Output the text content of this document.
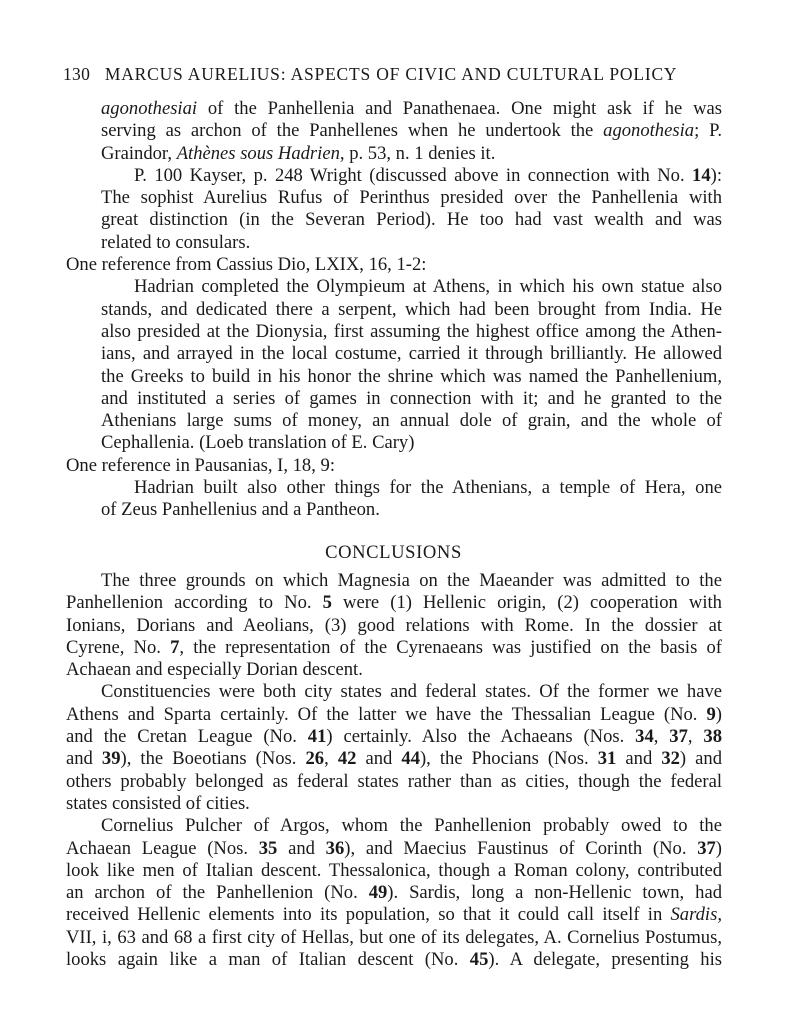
130 MARCUS AURELIUS: ASPECTS OF CIVIC AND CULTURAL POLICY
agonothesiai of the Panhellenia and Panathenaea. One might ask if he was
serving as archon of the Panhellenes when he undertook the agonothesia; P.
Graindor, Athènes sous Hadrien, p. 53, n. 1 denies it.
P. 100 Kayser, p. 248 Wright (discussed above in connection with No. 14):
The sophist Aurelius Rufus of Perinthus presided over the Panhellenia with
great distinction (in the Severan Period). He too had vast wealth and was
related to consulars.
One reference from Cassius Dio, LXIX, 16, 1-2:
Hadrian completed the Olympieum at Athens, in which his own statue also
stands, and dedicated there a serpent, which had been brought from India. He
also presided at the Dionysia, first assuming the highest office among the Athen-
ians, and arrayed in the local costume, carried it through brilliantly. He allowed
the Greeks to build in his honor the shrine which was named the Panhellenium,
and instituted a series of games in connection with it; and he granted to the
Athenians large sums of money, an annual dole of grain, and the whole of
Cephallenia. (Loeb translation of E. Cary)
One reference in Pausanias, I, 18, 9:
Hadrian built also other things for the Athenians, a temple of Hera, one
of Zeus Panhellenius and a Pantheon.
CONCLUSIONS
The three grounds on which Magnesia on the Maeander was admitted to the
Panhellenion according to No. 5 were (1) Hellenic origin, (2) cooperation with
Ionians, Dorians and Aeolians, (3) good relations with Rome. In the dossier at
Cyrene, No. 7, the representation of the Cyrenaeans was justified on the basis of
Achaean and especially Dorian descent.
Constituencies were both city states and federal states. Of the former we have
Athens and Sparta certainly. Of the latter we have the Thessalian League (No. 9)
and the Cretan League (No. 41) certainly. Also the Achaeans (Nos. 34, 37, 38
and 39), the Boeotians (Nos. 26, 42 and 44), the Phocians (Nos. 31 and 32) and
others probably belonged as federal states rather than as cities, though the federal
states consisted of cities.
Cornelius Pulcher of Argos, whom the Panhellenion probably owed to the
Achaean League (Nos. 35 and 36), and Maecius Faustinus of Corinth (No. 37)
look like men of Italian descent. Thessalonica, though a Roman colony, contributed
an archon of the Panhellenion (No. 49). Sardis, long a non-Hellenic town, had
received Hellenic elements into its population, so that it could call itself in Sardis,
VII, i, 63 and 68 a first city of Hellas, but one of its delegates, A. Cornelius Postumus,
looks again like a man of Italian descent (No. 45). A delegate, presenting his
